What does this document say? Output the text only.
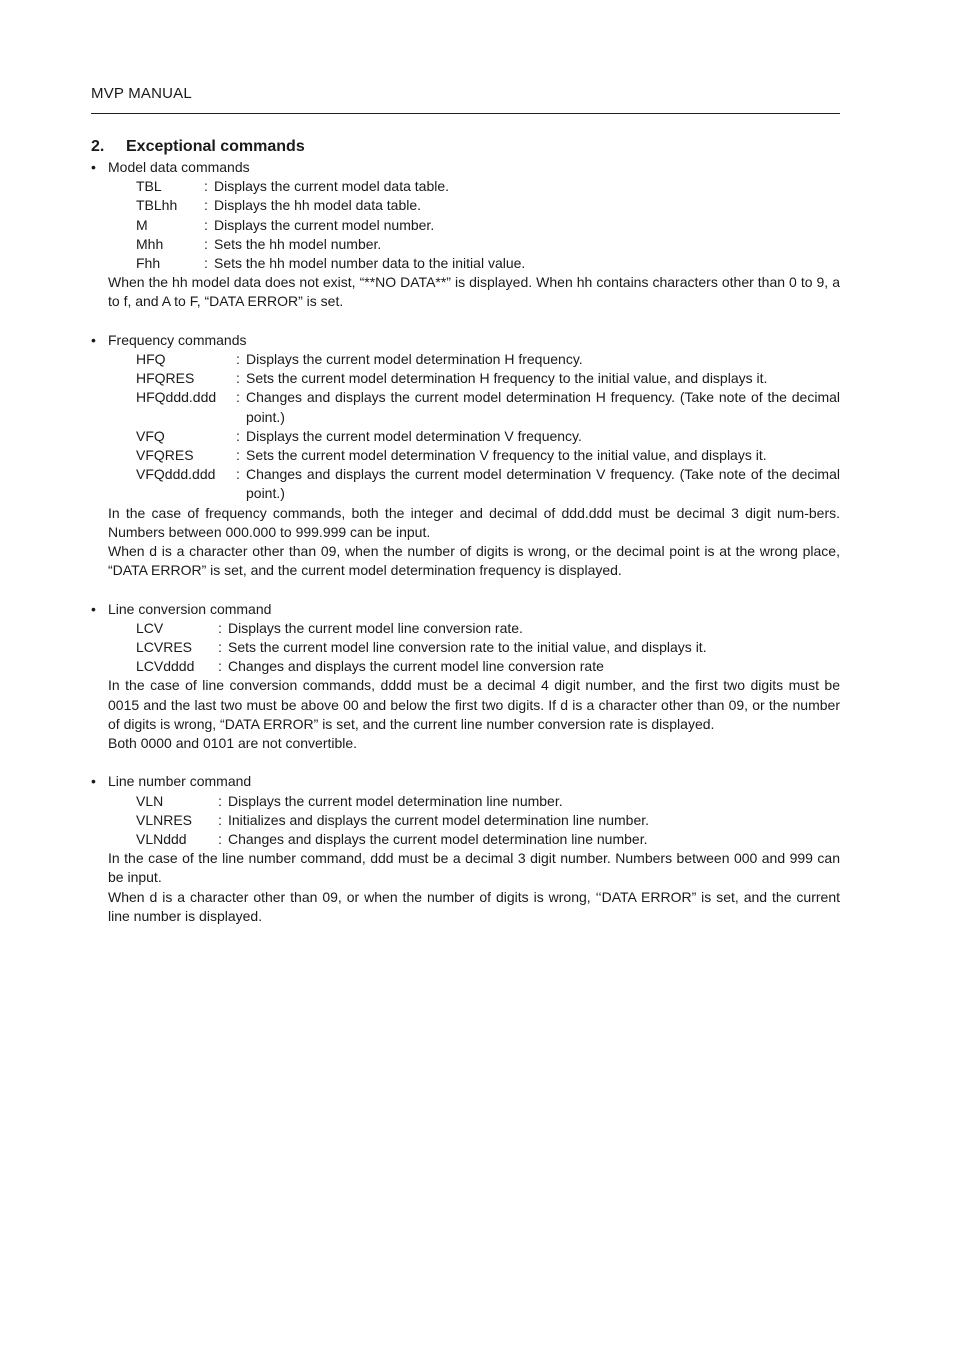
MVP MANUAL
2.	Exceptional commands
• Model data commands
TBL	: Displays the current model data table.
TBLhh	: Displays the hh model data table.
M	: Displays the current model number.
Mhh	: Sets the hh model number.
Fhh	: Sets the hh model number data to the initial value.
When the hh model data does not exist, “**NO DATA**” is displayed. When hh contains characters other than 0 to 9, a to f, and A to F, “DATA ERROR” is set.
• Frequency commands
HFQ	: Displays the current model determination H frequency.
HFQRES	: Sets the current model determination H frequency to the initial value, and displays it.
HFQddd.ddd	: Changes and displays the current model determination H frequency. (Take note of the decimal point.)
VFQ	: Displays the current model determination V frequency.
VFQRES	: Sets the current model determination V frequency to the initial value, and displays it.
VFQddd.ddd	: Changes and displays the current model determination V frequency. (Take note of the decimal point.)
In the case of frequency commands, both the integer and decimal of ddd.ddd must be decimal 3 digit num-bers. Numbers between 000.000 to 999.999 can be input.
When d is a character other than 09, when the number of digits is wrong, or the decimal point is at the wrong place, “DATA ERROR” is set, and the current model determination frequency is displayed.
• Line conversion command
LCV	: Displays the current model line conversion rate.
LCVRES	: Sets the current model line conversion rate to the initial value, and displays it.
LCVdddd	: Changes and displays the current model line conversion rate
In the case of line conversion commands, dddd must be a decimal 4 digit number, and the first two digits must be 0015 and the last two must be above 00 and below the first two digits. If d is a character other than 09, or the number of digits is wrong, “DATA ERROR” is set, and the current line number conversion rate is displayed.
Both 0000 and 0101 are not convertible.
• Line number command
VLN	: Displays the current model determination line number.
VLNRES	: Initializes and displays the current model determination line number.
VLNddd	: Changes and displays the current model determination line number.
In the case of the line number command, ddd must be a decimal 3 digit number. Numbers between 000 and 999 can be input.
When d is a character other than 09, or when the number of digits is wrong, ‘‘DATA ERROR” is set, and the current line number is displayed.
